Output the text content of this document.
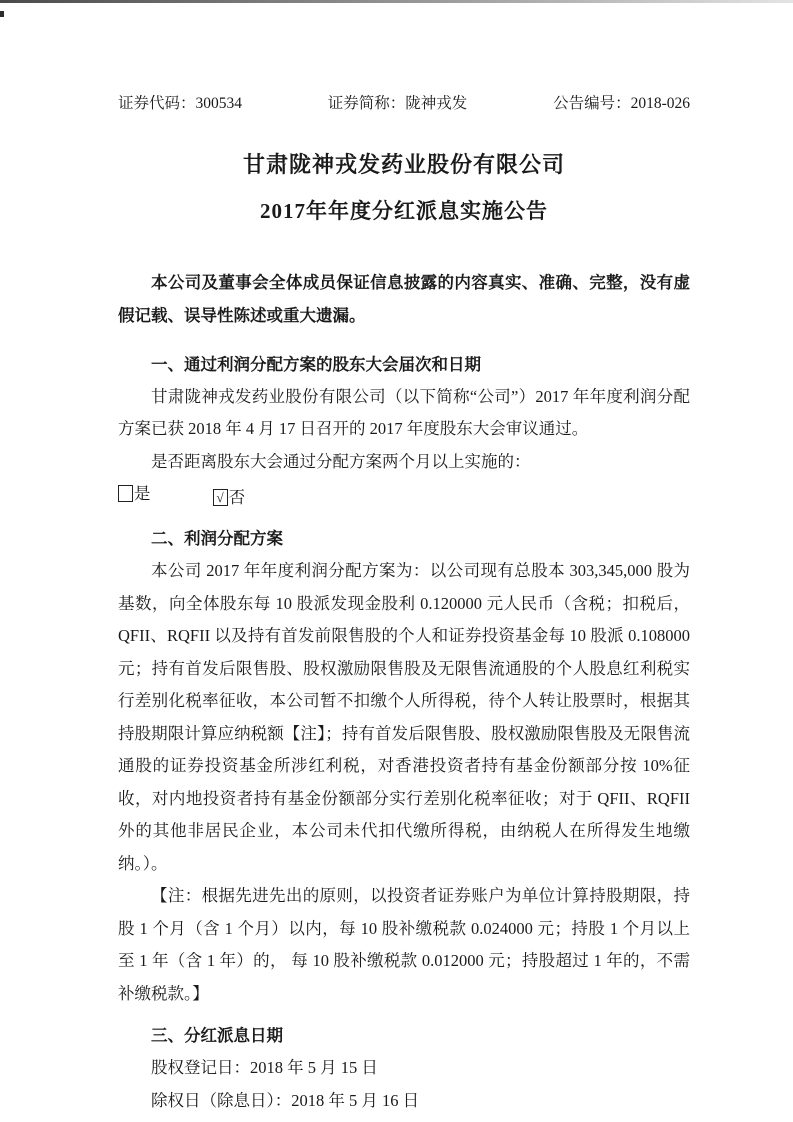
证券代码：300534	证券简称：陇神戎发	公告编号：2018-026
甘肃陇神戎发药业股份有限公司
2017年年度分红派息实施公告

本公司及董事会全体成员保证信息披露的内容真实、准确、完整，没有虚假记载、误导性陈述或重大遗漏。

一、通过利润分配方案的股东大会届次和日期

甘肃陇神戎发药业股份有限公司（以下简称“公司”）2017 年年度利润分配方案已获 2018 年 4 月 17 日召开的 2017 年度股东大会审议通过。

是否距离股东大会通过分配方案两个月以上实施的：

是
	√ 否

二、利润分配方案

本公司 2017 年年度利润分配方案为：以公司现有总股本 303,345,000 股为基数，向全体股东每 10 股派发现金股利 0.120000 元人民币（含税；扣税后，QFII、RQFII 以及持有首发前限售股的个人和证券投资基金每 10 股派 0.108000 元；持有首发后限售股、股权激励限售股及无限售流通股的个人股息红利税实行差别化税率征收，本公司暂不扣缴个人所得税，待个人转让股票时，根据其持股期限计算应纳税额【注】；持有首发后限售股、股权激励限售股及无限售流通股的证券投资基金所涉红利税，对香港投资者持有基金份额部分按 10%征收，对内地投资者持有基金份额部分实行差别化税率征收；对于 QFII、RQFII 外的其他非居民企业，本公司未代扣代缴所得税，由纳税人在所得发生地缴纳。）。

【注：根据先进先出的原则，以投资者证券账户为单位计算持股期限，持股 1 个月（含 1 个月）以内，每 10 股补缴税款 0.024000 元；持股 1 个月以上至 1 年（含 1 年）的， 每 10 股补缴税款 0.012000 元；持股超过 1 年的，不需补缴税款。】

三、分红派息日期

股权登记日：2018 年 5 月 15 日

除权日（除息日）：2018 年 5 月 16 日
